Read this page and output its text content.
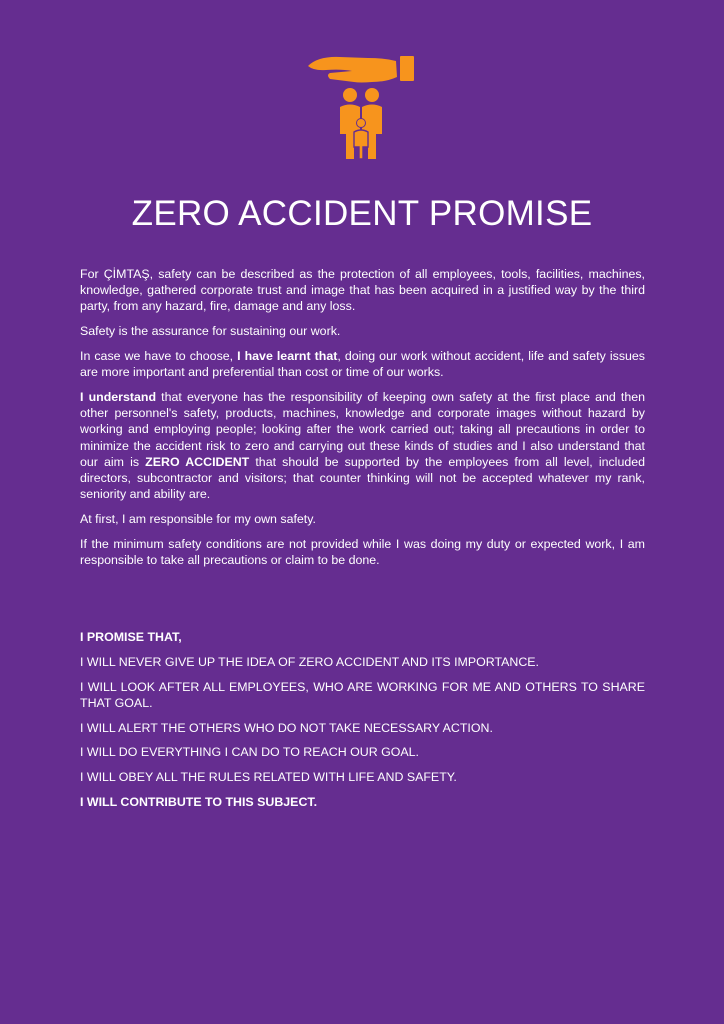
ZERO ACCIDENT PROMISE

For ÇİMTAŞ, safety can be described as the protection of all employees, tools, facilities, machines, knowledge, gathered corporate trust and image that has been acquired in a justified way by the third party, from any hazard, fire, damage and any loss.

Safety is the assurance for sustaining our work.

In case we have to choose, I have learnt that, doing our work without accident, life and safety issues are more important and preferential than cost or time of our works.

I understand that everyone has the responsibility of keeping own safety at the first place and then other personnel's safety, products, machines, knowledge and corporate images without hazard by working and employing people; looking after the work carried out; taking all precautions in order to minimize the accident risk to zero and carrying out these kinds of studies and I also understand that our aim is ZERO ACCIDENT that should be supported by the employees from all level, included directors, subcontractor and visitors; that counter thinking will not be accepted whatever my rank, seniority and ability are.

At first, I am responsible for my own safety.

If the minimum safety conditions are not provided while I was doing my duty or expected work, I am responsible to take all precautions or claim to be done.

I PROMISE THAT,

I WILL NEVER GIVE UP THE IDEA OF ZERO ACCIDENT AND ITS IMPORTANCE.

I WILL LOOK AFTER ALL EMPLOYEES, WHO ARE WORKING FOR ME AND OTHERS TO SHARE THAT GOAL.

I WILL ALERT THE OTHERS WHO DO NOT TAKE NECESSARY ACTION.

I WILL DO EVERYTHING I CAN DO TO REACH OUR GOAL.

I WILL OBEY ALL THE RULES RELATED WITH LIFE AND SAFETY.

I WILL CONTRIBUTE TO THIS SUBJECT.
